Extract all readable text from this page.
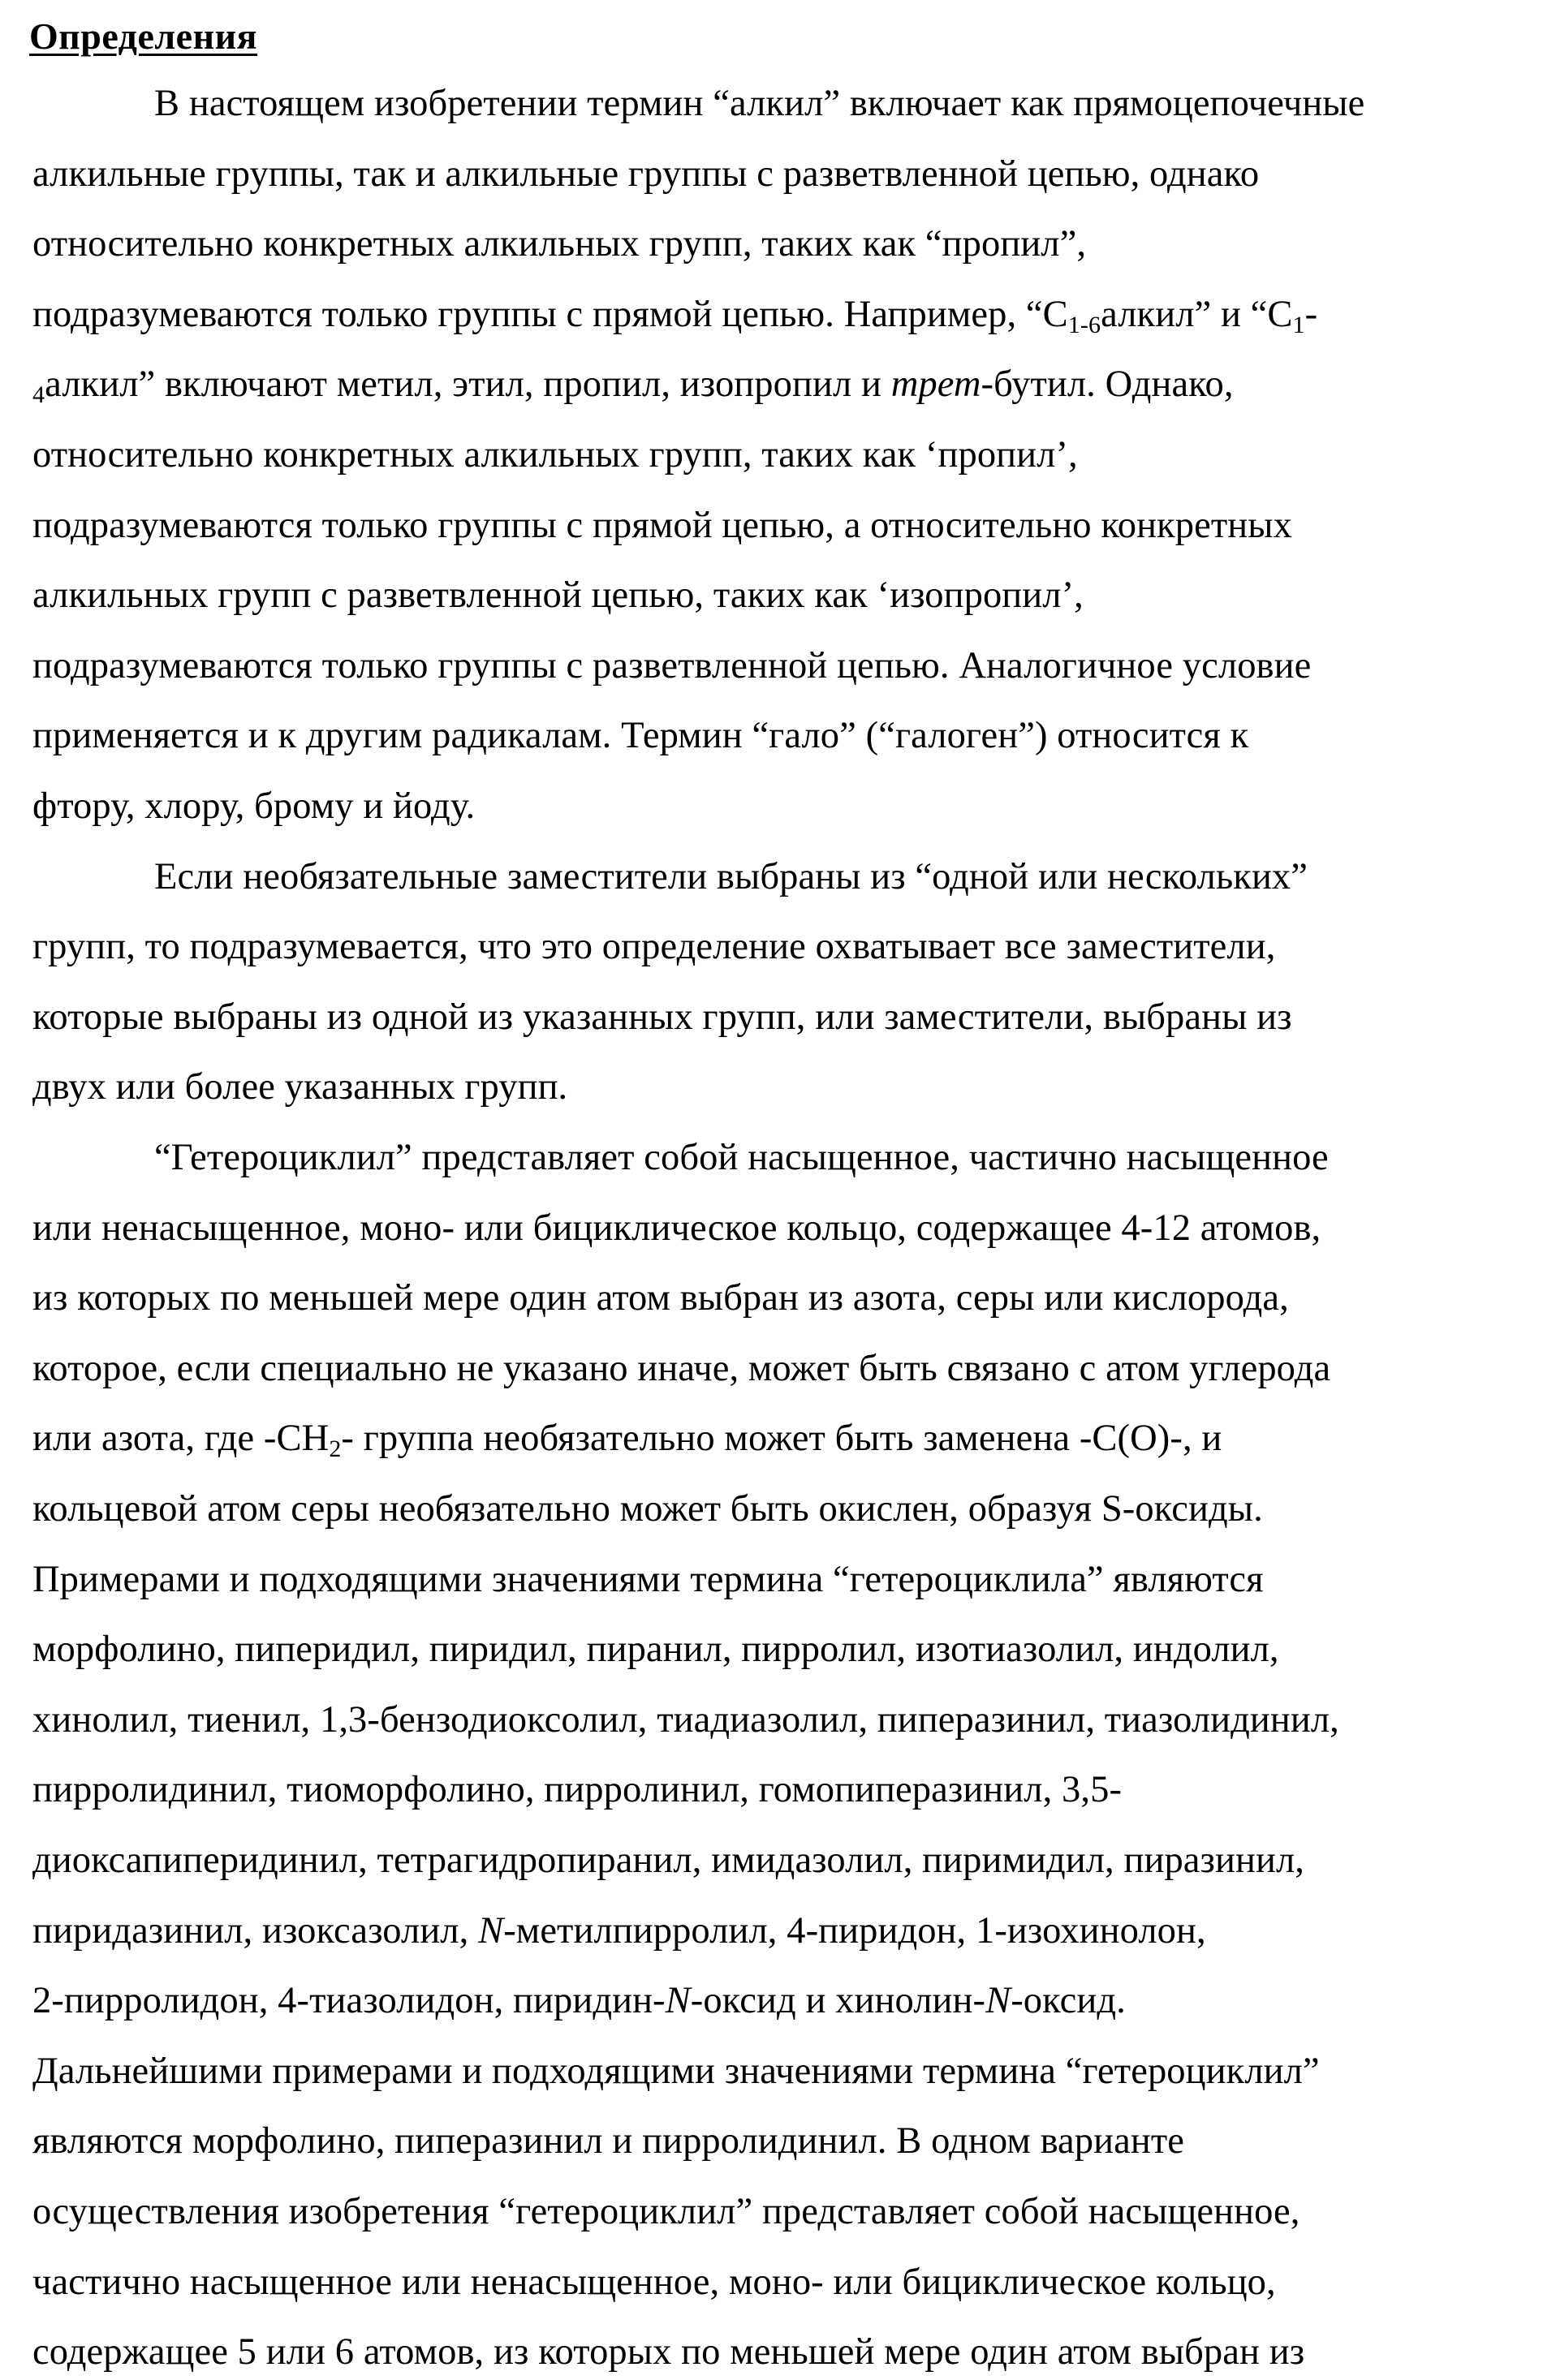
Определения
В настоящем изобретении термин “алкил” включает как прямоцепочечные
алкильные группы, так и алкильные группы с разветвленной цепью, однако
относительно конкретных алкильных групп, таких как “пропил”,
подразумеваются только группы с прямой цепью. Например, “$C_{1-6}алкил$” и “$C_1-$
$_4$алкил” включают метил, этил, пропил, изопропил и трет-бутил. Однако,
относительно конкретных алкильных групп, таких как ‘пропил’,
подразумеваются только группы с прямой цепью, а относительно конкретных
алкильных групп с разветвленной цепью, таких как ‘изопропил’,
подразумеваются только группы с разветвленной цепью. Аналогичное условие
применяется и к другим радикалам. Термин “гало” (“галоген”) относится к
фтору, хлору, брому и йоду.
Если необязательные заместители выбраны из “одной или нескольких”
групп, то подразумевается, что это определение охватывает все заместители,
которые выбраны из одной из указанных групп, или заместители, выбраны из
двух или более указанных групп.
“Гетероциклил” представляет собой насыщенное, частично насыщенное
или ненасыщенное, моно- или бициклическое кольцо, содержащее 4-12 атомов,
из которых по меньшей мере один атом выбран из азота, серы или кислорода,
которое, если специально не указано иначе, может быть связано с атом углерода
или азота, где $-CH_2-$ группа необязательно может быть заменена -C(O)-, и
кольцевой атом серы необязательно может быть окислен, образуя S-оксиды.
Примерами и подходящими значениями термина “гетероциклила” являются
морфолино, пиперидил, пиридил, пиранил, пирролил, изотиазолил, индолил,
хинолил, тиенил, 1,3-бензодиоксолил, тиадиазолил, пиперазинил, тиазолидинил,
пирролидинил, тиоморфолино, пирролинил, гомопиперазинил, 3,5-
диоксапиперидинил, тетрагидропиранил, имидазолил, пиримидил, пиразинил,
пиридазинил, изоксазолил, N-метилпирролил, 4-пиридон, 1-изохинолон,
2-пирролидон, 4-тиазолидон, пиридин-N-оксид и хинолин-N-оксид.
Дальнейшими примерами и подходящими значениями термина “гетероциклил”
являются морфолино, пиперазинил и пирролидинил. В одном варианте
осуществления изобретения “гетероциклил” представляет собой насыщенное,
частично насыщенное или ненасыщенное, моно- или бициклическое кольцо,
содержащее 5 или 6 атомов, из которых по меньшей мере один атом выбран из
